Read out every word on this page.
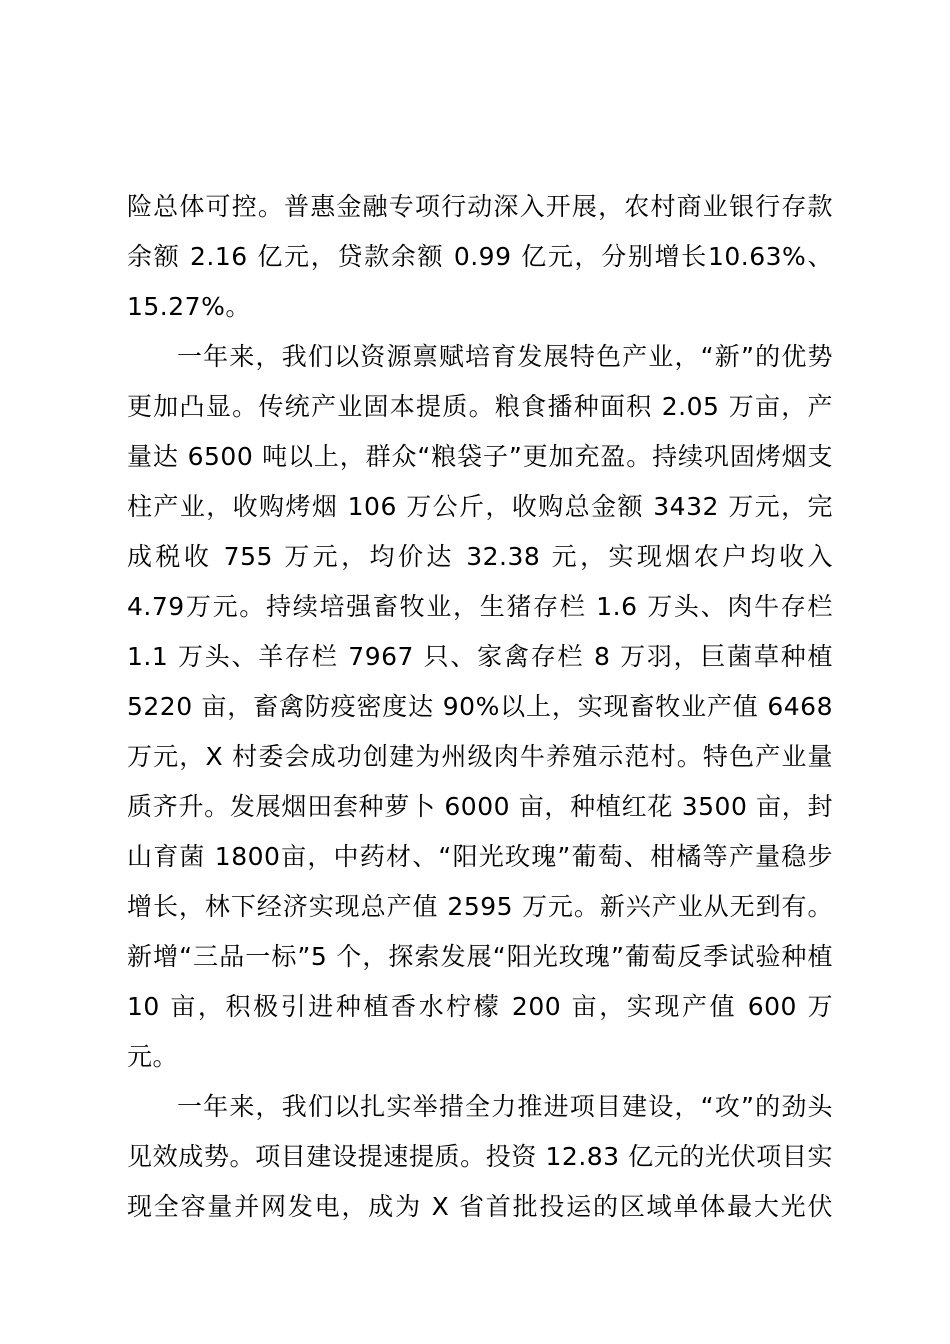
险总体可控。普惠金融专项行动深入开展，农村商业银行存款余额 2.16 亿元，贷款余额 0.99 亿元，分别增长10.63%、15.27%。

一年来，我们以资源禀赋培育发展特色产业，“新”的优势更加凸显。传统产业固本提质。粮食播种面积 2.05 万亩，产量达 6500 吨以上，群众“粮袋子”更加充盈。持续巩固烤烟支柱产业，收购烤烟 106 万公斤，收购总金额 3432 万元，完成税收 755 万元，均价达 32.38 元，实现烟农户均收入 4.79万元。持续培强畜牧业，生猪存栏 1.6 万头、肉牛存栏 1.1 万头、羊存栏 7967 只、家禽存栏 8 万羽，巨菌草种植 5220 亩，畜禽防疫密度达 90%以上，实现畜牧业产值 6468 万元，X 村委会成功创建为州级肉牛养殖示范村。特色产业量质齐升。发展烟田套种萝卜 6000 亩，种植红花 3500 亩，封山育菌 1800亩，中药材、“阳光玫瑰”葡萄、柑橘等产量稳步增长，林下经济实现总产值 2595 万元。新兴产业从无到有。新增“三品一标”5 个，探索发展“阳光玫瑰”葡萄反季试验种植 10 亩，积极引进种植香水柠檬 200 亩，实现产值 600 万元。

一年来，我们以扎实举措全力推进项目建设，“攻”的劲头见效成势。项目建设提速提质。投资 12.83 亿元的光伏项目实现全容量并网发电，成为 X 省首批投运的区域单体最大光伏
